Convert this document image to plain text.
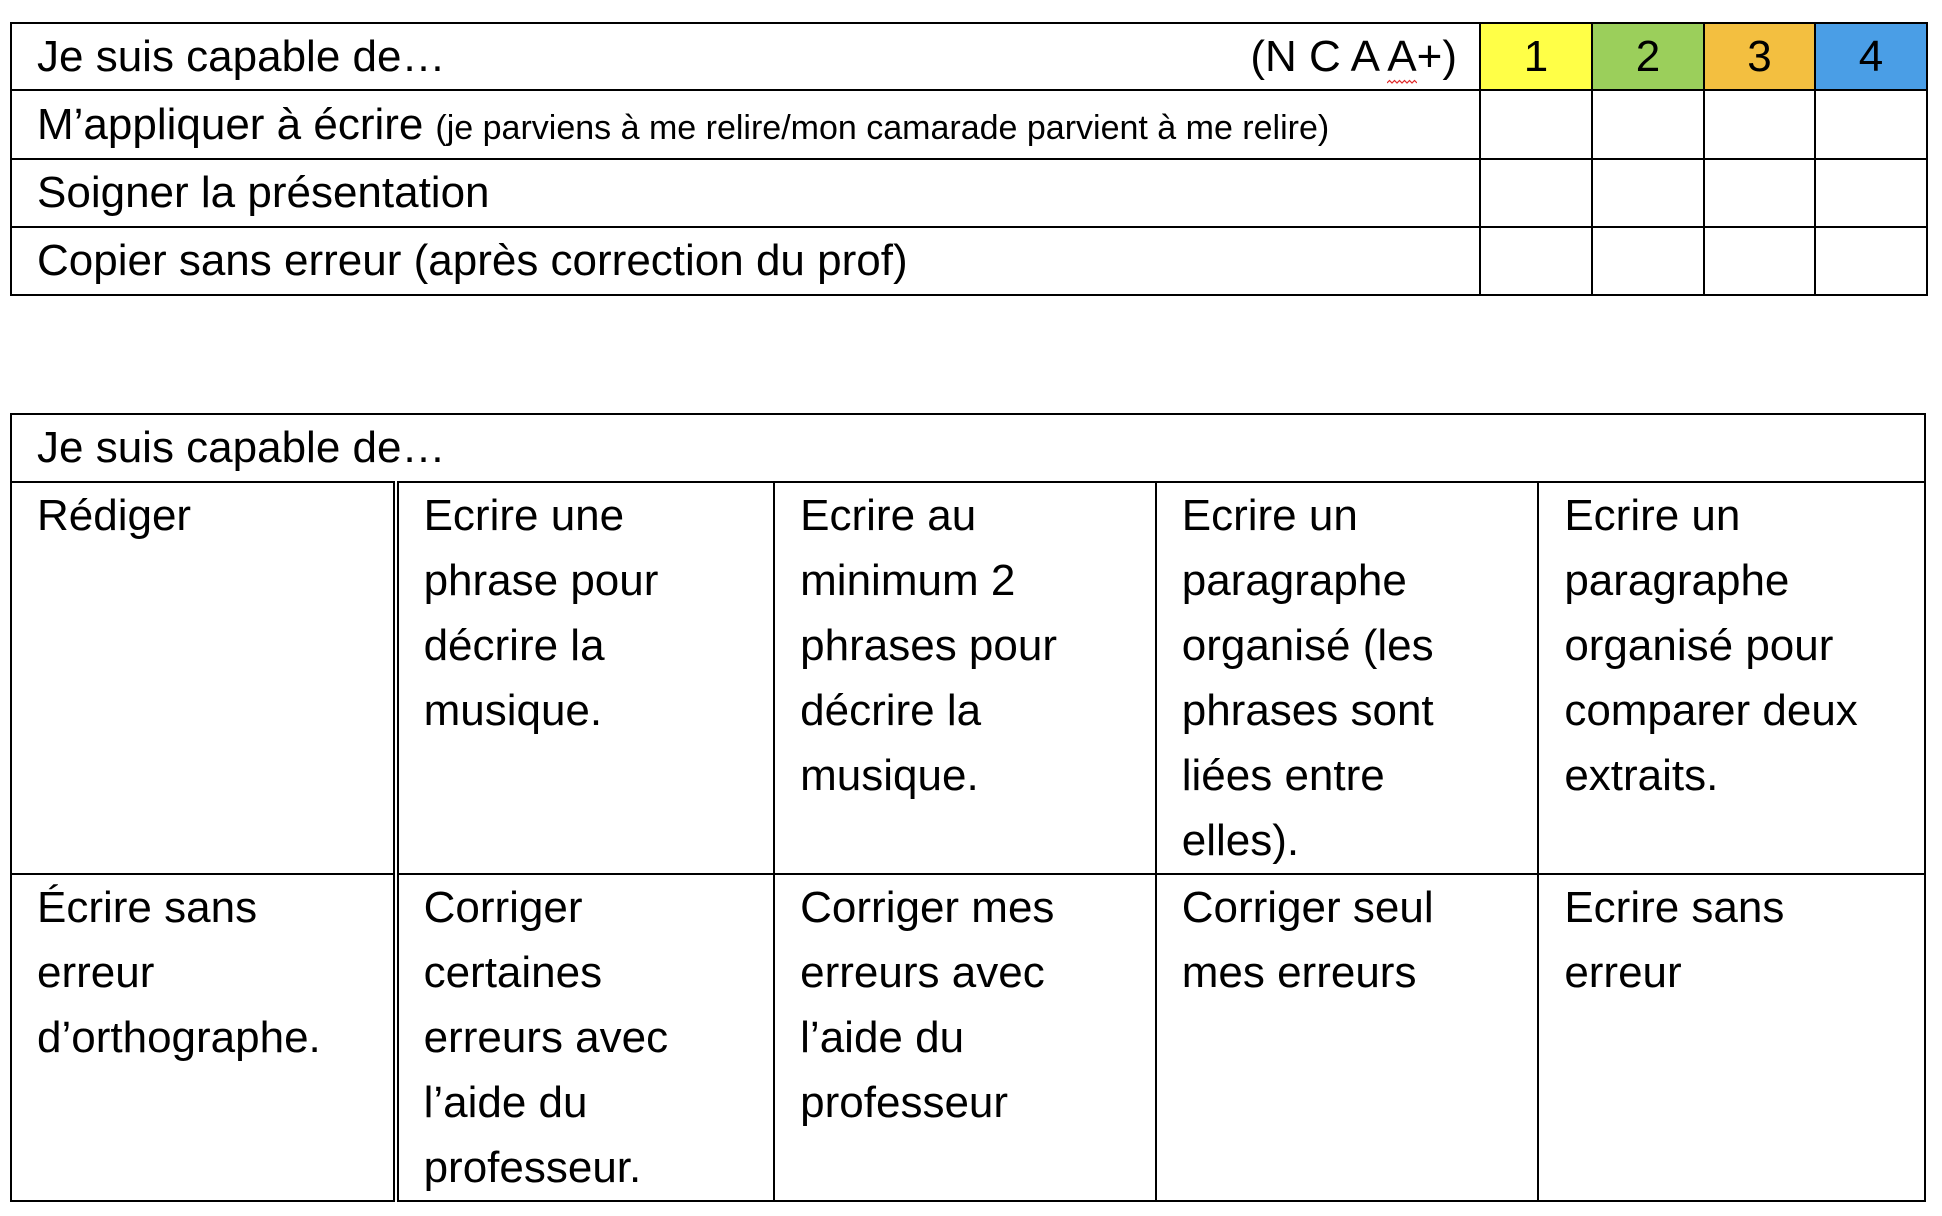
Je suis capable de… (N C A A+)	1	2	3	4
M’appliquer à écrire (je parviens à me relire/mon camarade parvient à me relire)				
Soigner la présentation				
Copier sans erreur (après correction du prof)				
Je suis capable de…				
Rédiger	Ecrire une phrase pour décrire la musique.	Ecrire au minimum 2 phrases pour décrire la musique.	Ecrire un paragraphe organisé (les phrases sont liées entre elles).	Ecrire un paragraphe organisé pour comparer deux extraits.
Écrire sans erreur d’orthographe.	Corriger certaines erreurs avec l’aide du professeur.	Corriger mes erreurs avec l’aide du professeur	Corriger seul mes erreurs	Ecrire sans erreur
